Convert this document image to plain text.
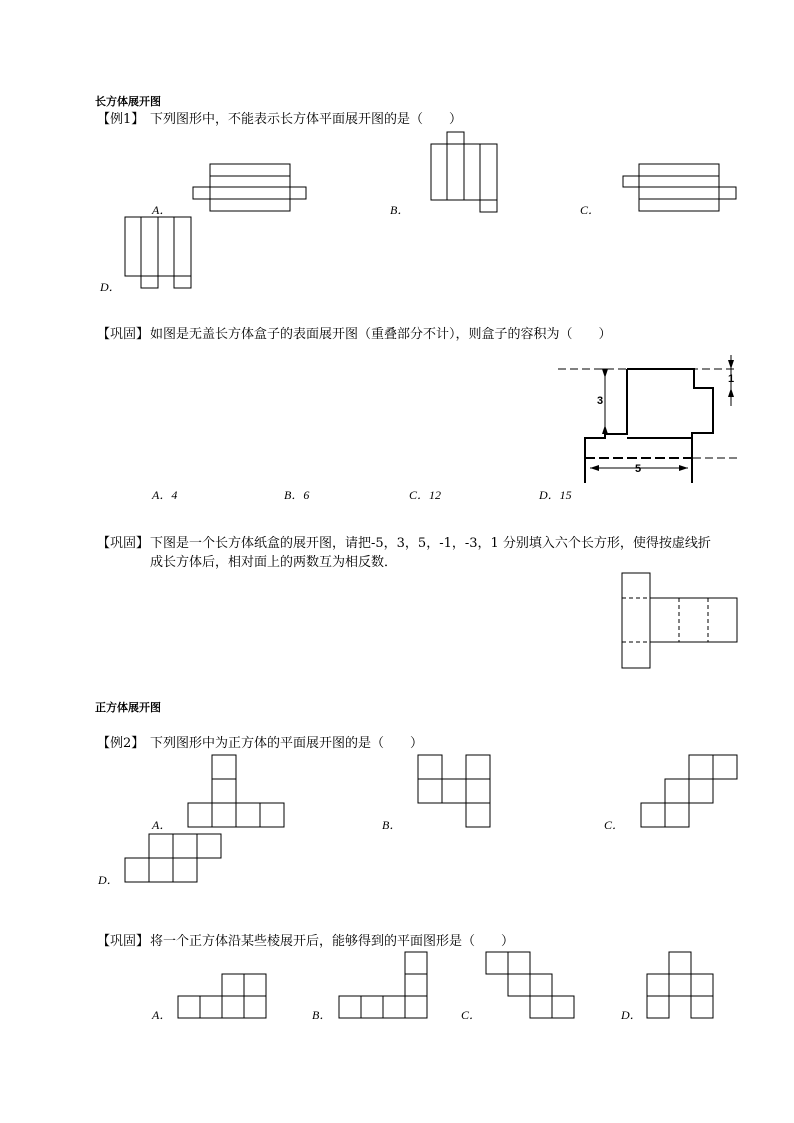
长方体展开图
【例1】 下列图形中，不能表示长方体平面展开图的是（　　）
A．	B．	C．
D．
【巩固】 如图是无盖长方体盒子的表面展开图（重叠部分不计），则盒子的容积为（　　）
A．4	B．6	C．12	D．15
【巩固】 下图是一个长方体纸盒的展开图，请把-5，3，5，-1，-3，1 分别填入六个长方形，使得按虚线折
成长方体后，相对面上的两数互为相反数．
正方体展开图
【例2】 下列图形中为正方体的平面展开图的是（　　）
A．	B．	C．
D．
【巩固】 将一个正方体沿某些棱展开后，能够得到的平面图形是（　　）
A．	B．	C．	D．
3
1
5
